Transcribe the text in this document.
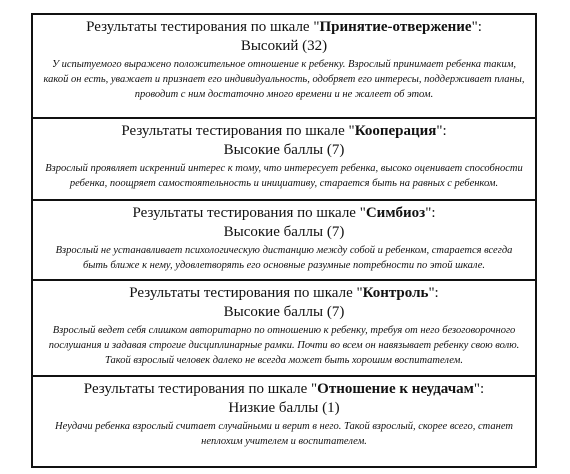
Результаты тестирования по шкале "Принятие-отвержение":
Высокий (32)
У испытуемого выражено положительное отношение к ребенку. Взрослый принимает ребенка таким, какой он есть, уважает и признает его индивидуальность, одобряет его интересы, поддерживает планы, проводит с ним достаточно много времени и не жалеет об этом.
Результаты тестирования по шкале "Кооперация":
Высокие баллы (7)
Взрослый проявляет искренний интерес к тому, что интересует ребенка, высоко оценивает способности ребенка, поощряет самостоятельность и инициативу, старается быть на равных с ребенком.
Результаты тестирования по шкале "Симбиоз":
Высокие баллы (7)
Взрослый не устанавливает психологическую дистанцию между собой и ребенком, старается всегда быть ближе к нему, удовлетворять его основные разумные потребности по этой шкале.
Результаты тестирования по шкале "Контроль":
Высокие баллы (7)
Взрослый ведет себя слишком авторитарно по отношению к ребенку, требуя от него безоговорочного послушания и задавая строгие дисциплинарные рамки. Почти во всем он навязывает ребенку свою волю. Такой взрослый человек далеко не всегда может быть хорошим воспитателем.
Результаты тестирования по шкале "Отношение к неудачам":
Низкие баллы (1)
Неудачи ребенка взрослый считает случайными и верит в него. Такой взрослый, скорее всего, станет неплохим учителем и воспитателем.
